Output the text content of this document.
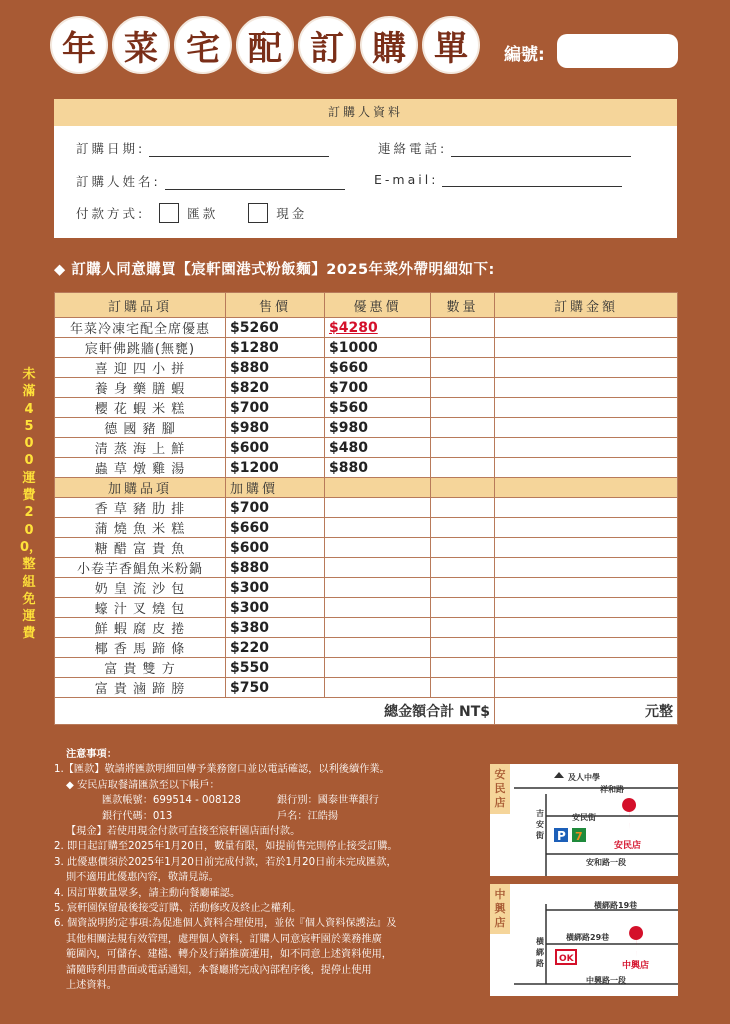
年 菜 宅 配 訂 購 單	編號:
訂購人資料
訂購日期:	連絡電話:
訂購人姓名:	E-mail:
付款方式:	匯款	現金
◆ 訂購人同意購買【宸軒園港式粉飯麵】2025年菜外帶明細如下:
未滿4500運費200，整組免運費
訂購品項	售價	優惠價	數量	訂購金額
年菜冷凍宅配全席優惠	$5260	$4280		
宸軒佛跳牆(無甕)	$1280	$1000		
喜 迎 四 小 拼	$880	$660		
養 身 藥 膳 蝦	$820	$700		
櫻 花 蝦 米 糕	$700	$560		
德 國 豬 腳	$980	$980		
清 蒸 海 上 鮮	$600	$480		
蟲 草 燉 雞 湯	$1200	$880		
加購品項	加購價			
香 草 豬 肋 排	$700			
蒲 燒 魚 米 糕	$660			
糖 醋 富 貴 魚	$600			
小卷芋香鯧魚米粉鍋	$880			
奶 皇 流 沙 包	$300			
蠔 汁 叉 燒 包	$300			
鮮 蝦 腐 皮 捲	$380			
椰 香 馬 蹄 條	$220			
富 貴 雙 方	$550			
富 貴 滷 蹄 膀	$750			
總金額合計 NT$				元整
注意事項：
1.【匯款】敬請將匯款明細回傳予業務窗口並以電話確認，以利後續作業。
◆ 安民店取餐請匯款至以下帳戶：
匯款帳號：699514 - 008128	銀行別：國泰世華銀行
銀行代碼：013	戶名：江皓揚
【現金】若使用現金付款可直接至宸軒園店面付款。
2. 即日起訂購至2025年1月20日，數量有限，如提前售完則停止接受訂購。
3. 此優惠價須於2025年1月20日前完成付款，若於1月20日前未完成匯款，
則不適用此優惠內容，敬請見諒。
4. 因訂單數量眾多，請主動向餐廳確認。
5. 宸軒園保留最後接受訂購、活動修改及終止之權利。
6. 個資說明約定事項:為促進個人資料合理使用，並依『個人資料保護法』及
其他相關法規有效管理，處理個人資料，訂購人同意宸軒園於業務推廣
範圍內，可儲存、建檔、轉介及行銷推廣運用，如不同意上述資料使用，
請隨時利用書面或電話通知，本餐廳將完成內部程序後，提停止使用
上述資料。
P 7
安民店
及人中學
祥和路
安民街
吉安街
安和路一段
安民店
OK
中興店
橫綁路19巷
橫綁路29巷
橫綁路
中興路一段
中興店
